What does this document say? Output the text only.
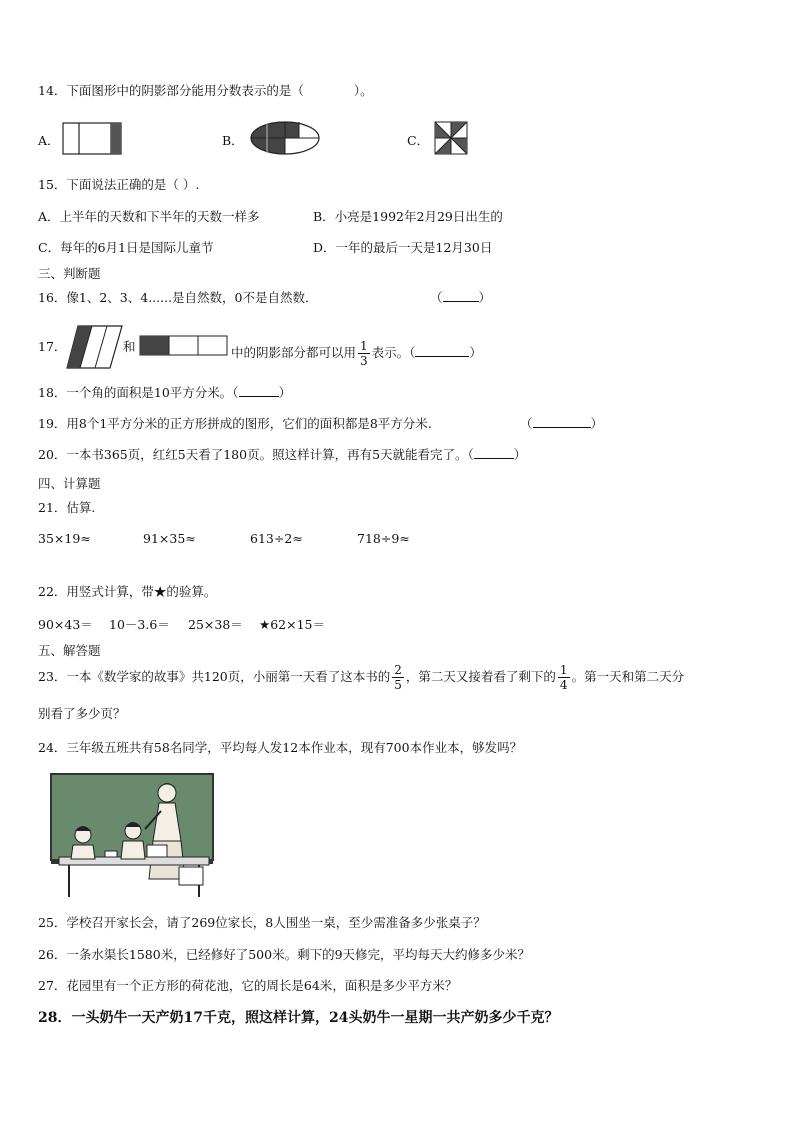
14．下面图形中的阴影部分能用分数表示的是（	）。
A．	B．	C．
15．下面说法正确的是（ ）.
A．上半年的天数和下半年的天数一样多	B．小亮是1992年2月29日出生的
C．每年的6月1日是国际儿童节	D．一年的最后一天是12月30日
三、判断题
16．像1、2、3、4......是自然数，0不是自然数．	（	）
17．	和	中的阴影部分都可以用 $\frac{1}{3}$ 表示。（	）
18．一个角的面积是10平方分米。（	）
19．用8个1平方分米的正方形拼成的图形，它们的面积都是8平方分米.	（	）
20．一本书365页，红红5天看了180页。照这样计算，再有5天就能看完了。（	）
四、计算题
21．估算.
35×19≈	91×35≈	613÷2≈	718÷9≈
22．用竖式计算，带★的验算。
90×43＝ 10－3.6＝ 25×38＝ ★62×15＝
五、解答题
23．一本《数学家的故事》共120页，小丽第一天看了这本书的 $\frac{2}{5}$ ，第二天又接着看了剩下的 $\frac{1}{4}$ 。第一天和第二天分
别看了多少页？
24．三年级五班共有58名同学，平均每人发12本作业本，现有700本作业本，够发吗？
25．学校召开家长会，请了269位家长，8人围坐一桌，至少需准备多少张桌子？
26．一条水渠长1580米，已经修好了500米。剩下的9天修完，平均每天大约修多少米？
27．花园里有一个正方形的荷花池，它的周长是64米，面积是多少平方米？
28．一头奶牛一天产奶17千克，照这样计算，24头奶牛一星期一共产奶多少千克？
